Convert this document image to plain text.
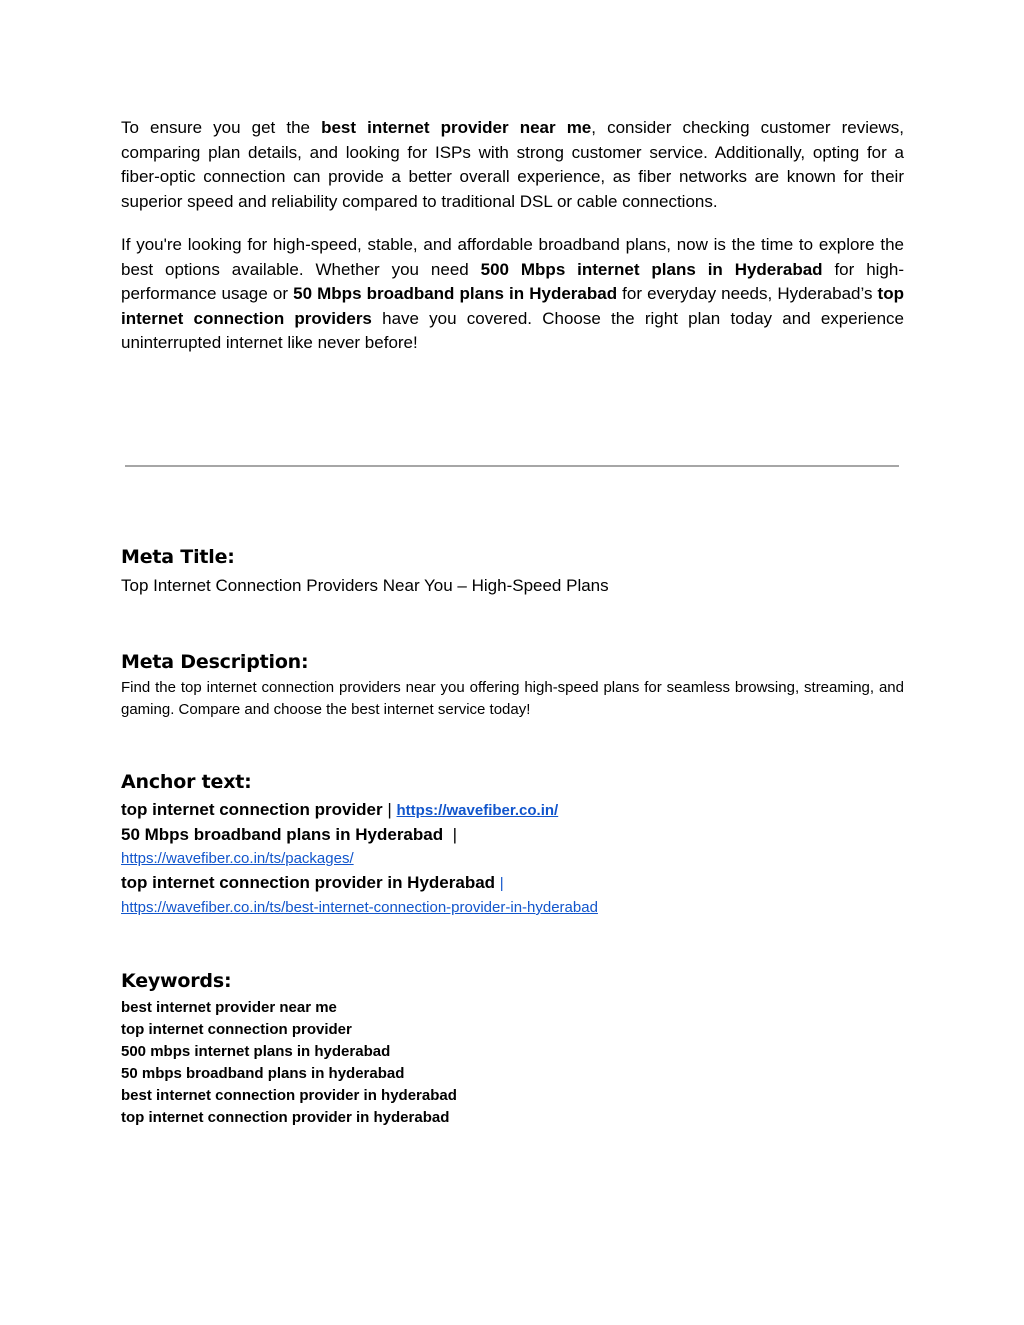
To ensure you get the best internet provider near me, consider checking customer reviews, comparing plan details, and looking for ISPs with strong customer service. Additionally, opting for a fiber-optic connection can provide a better overall experience, as fiber networks are known for their superior speed and reliability compared to traditional DSL or cable connections.

If you're looking for high-speed, stable, and affordable broadband plans, now is the time to explore the best options available. Whether you need 500 Mbps internet plans in Hyderabad for high-performance usage or 50 Mbps broadband plans in Hyderabad for everyday needs, Hyderabad’s top internet connection providers have you covered. Choose the right plan today and experience uninterrupted internet like never before!

Meta Title:

Top Internet Connection Providers Near You – High-Speed Plans

Meta Description:

Find the top internet connection providers near you offering high-speed plans for seamless browsing, streaming, and gaming. Compare and choose the best internet service today!

Anchor text:

top internet connection provider | https://wavefiber.co.in/

50 Mbps broadband plans in Hyderabad |

https://wavefiber.co.in/ts/packages/

top internet connection provider in Hyderabad |

https://wavefiber.co.in/ts/best-internet-connection-provider-in-hyderabad

Keywords:
best internet provider near me
top internet connection provider
500 mbps internet plans in hyderabad
50 mbps broadband plans in hyderabad
best internet connection provider in hyderabad
top internet connection provider in hyderabad
